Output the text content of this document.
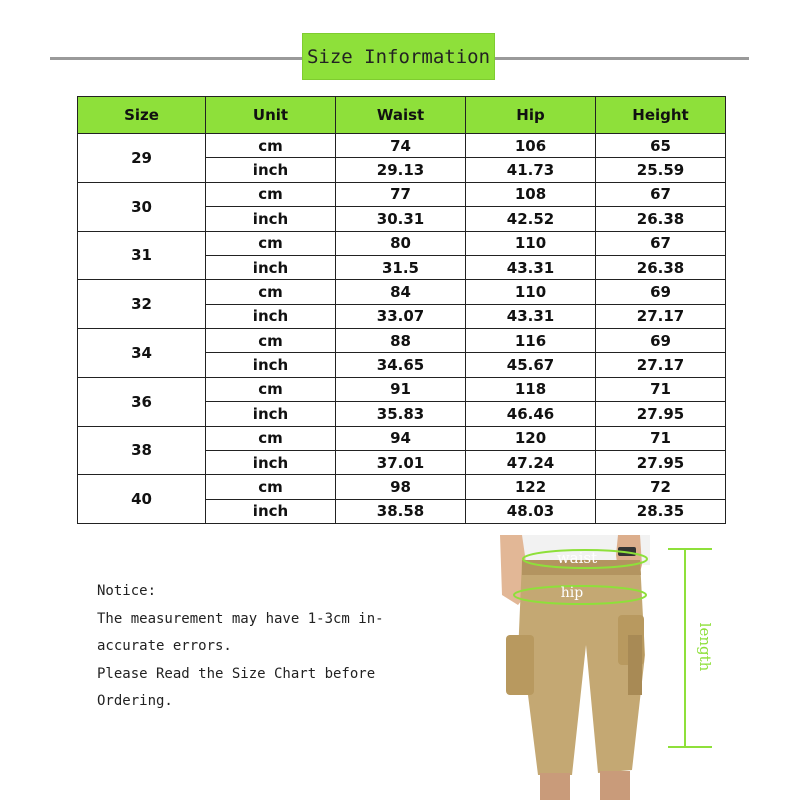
Size Information
Size	Unit	Waist	Hip	Height
29	cm	74	106	65
	inch	29.13	41.73	25.59
30	cm	77	108	67
	inch	30.31	42.52	26.38
31	cm	80	110	67
	inch	31.5	43.31	26.38
32	cm	84	110	69
	inch	33.07	43.31	27.17
34	cm	88	116	69
	inch	34.65	45.67	27.17
36	cm	91	118	71
	inch	35.83	46.46	27.95
38	cm	94	120	71
	inch	37.01	47.24	27.95
40	cm	98	122	72
	inch	38.58	48.03	28.35
Notice:
The measurement may have 1-3cm in-
accurate errors.
Please Read the Size Chart before
Ordering.
waist
hip
length
